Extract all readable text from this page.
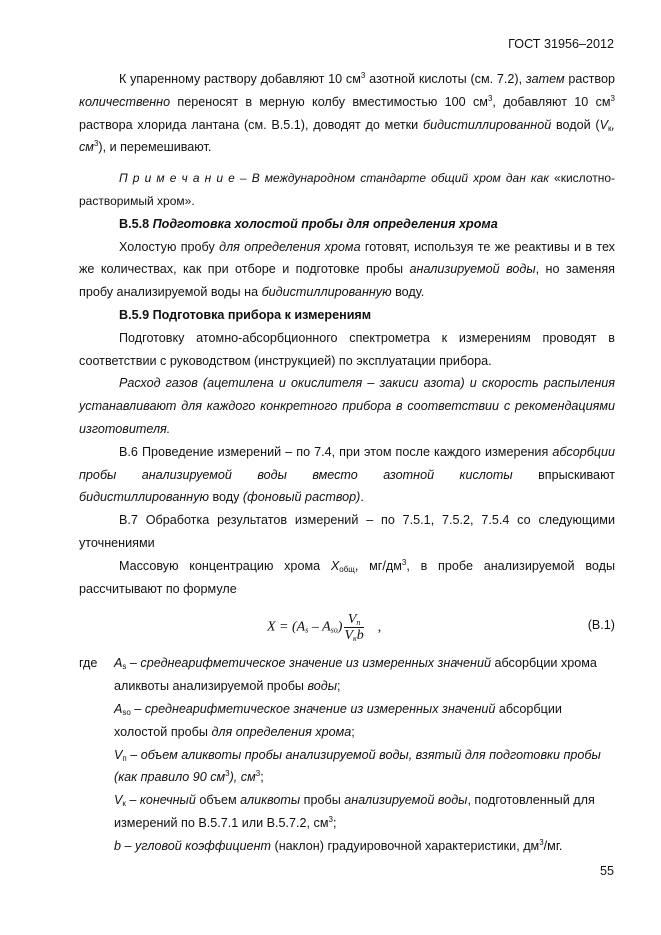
ГОСТ 31956–2012

К упаренному раствору добавляют 10 $см^3$ азотной кислоты (см. 7.2), затем раствор количественно переносят в мерную колбу вместимостью 100 $см^3$, добавляют 10 $см^3$ раствора хлорида лантана (см. В.5.1), доводят до метки бидистиллированной водой ($V_к$, $см^3$), и перемешивают.

П р и м е ч а н и е – В международном стандарте общий хром дан как «кислотно-растворимый хром».

В.5.8 Подготовка холостой пробы для определения хрома

Холостую пробу для определения хрома готовят, используя те же реактивы и в тех же количествах, как при отборе и подготовке пробы анализируемой воды, но заменяя пробу анализируемой воды на бидистиллированную воду.

В.5.9 Подготовка прибора к измерениям

Подготовку атомно-абсорбционного спектрометра к измерениям проводят в соответствии с руководством (инструкцией) по эксплуатации прибора.

Расход газов (ацетилена и окислителя – закиси азота) и скорость распыления устанавливают для каждого конкретного прибора в соответствии с рекомендациями изготовителя.

В.6 Проведение измерений – по 7.4, при этом после каждого измерения абсорбции пробы анализируемой воды вместо азотной кислоты впрыскивают бидистиллированную воду (фоновый раствор).

В.7 Обработка результатов измерений – по 7.5.1, 7.5.2, 7.5.4 со следующими уточнениями

Массовую концентрацию хрома $X_{общ}$, $мг/дм^3$, в пробе анализируемой воды рассчитывают по формуле

$X = (A_s - A_{so}) \frac{V_п}{V_кb}$ ,	(В.1)
где $A_s$ – среднеарифметическое значение из измеренных значений абсорбции хрома аликвоты анализируемой пробы воды;
$A_{so}$ – среднеарифметическое значение из измеренных значений абсорбции холостой пробы для определения хрома;
$V_п$ – объем аликвоты пробы анализируемой воды, взятый для подготовки пробы (как правило 90 $см^3$), $см^3$;
$V_к$ – конечный объем аликвоты пробы анализируемой воды, подготовленный для измерений по В.5.7.1 или В.5.7.2, $см^3$;
b – угловой коэффициент (наклон) градуировочной характеристики, $дм^3/мг$.
55
